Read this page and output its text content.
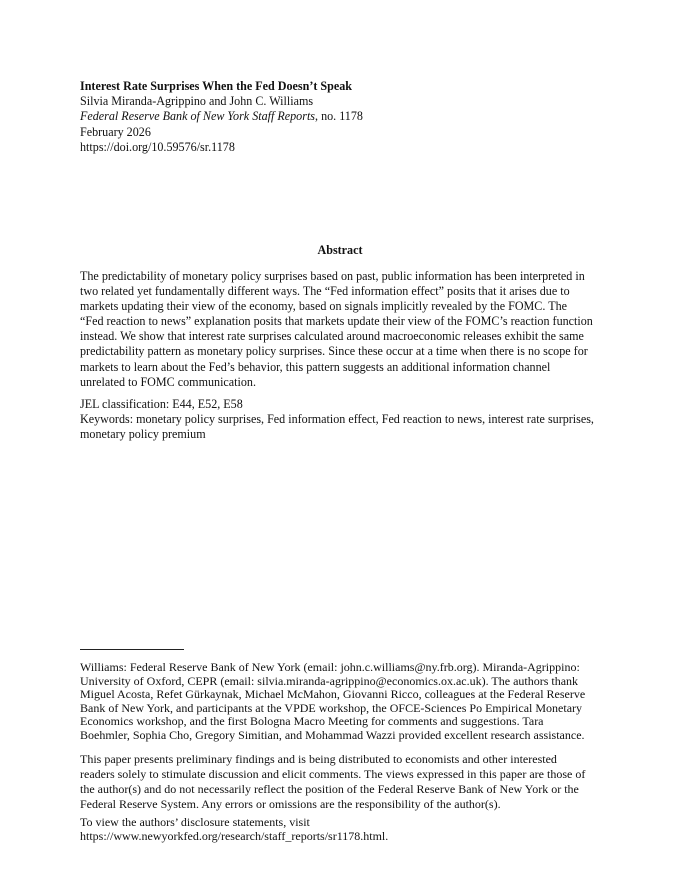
Interest Rate Surprises When the Fed Doesn’t Speak
Silvia Miranda-Agrippino and John C. Williams
Federal Reserve Bank of New York Staff Reports, no. 1178
February 2026
https://doi.org/10.59576/sr.1178
Abstract
The predictability of monetary policy surprises based on past, public information has been interpreted in
two related yet fundamentally different ways. The “Fed information effect” posits that it arises due to
markets updating their view of the economy, based on signals implicitly revealed by the FOMC. The
“Fed reaction to news” explanation posits that markets update their view of the FOMC’s reaction function
instead. We show that interest rate surprises calculated around macroeconomic releases exhibit the same
predictability pattern as monetary policy surprises. Since these occur at a time when there is no scope for
markets to learn about the Fed’s behavior, this pattern suggests an additional information channel
unrelated to FOMC communication.
JEL classification: E44, E52, E58
Keywords: monetary policy surprises, Fed information effect, Fed reaction to news, interest rate surprises,
monetary policy premium
Williams: Federal Reserve Bank of New York (email: john.c.williams@ny.frb.org). Miranda-Agrippino:
University of Oxford, CEPR (email: silvia.miranda-agrippino@economics.ox.ac.uk). The authors thank
Miguel Acosta, Refet Gürkaynak, Michael McMahon, Giovanni Ricco, colleagues at the Federal Reserve
Bank of New York, and participants at the VPDE workshop, the OFCE-Sciences Po Empirical Monetary
Economics workshop, and the first Bologna Macro Meeting for comments and suggestions. Tara
Boehmler, Sophia Cho, Gregory Simitian, and Mohammad Wazzi provided excellent research assistance.
This paper presents preliminary findings and is being distributed to economists and other interested
readers solely to stimulate discussion and elicit comments. The views expressed in this paper are those of
the author(s) and do not necessarily reflect the position of the Federal Reserve Bank of New York or the
Federal Reserve System. Any errors or omissions are the responsibility of the author(s).
To view the authors’ disclosure statements, visit
https://www.newyorkfed.org/research/staff_reports/sr1178.html.
